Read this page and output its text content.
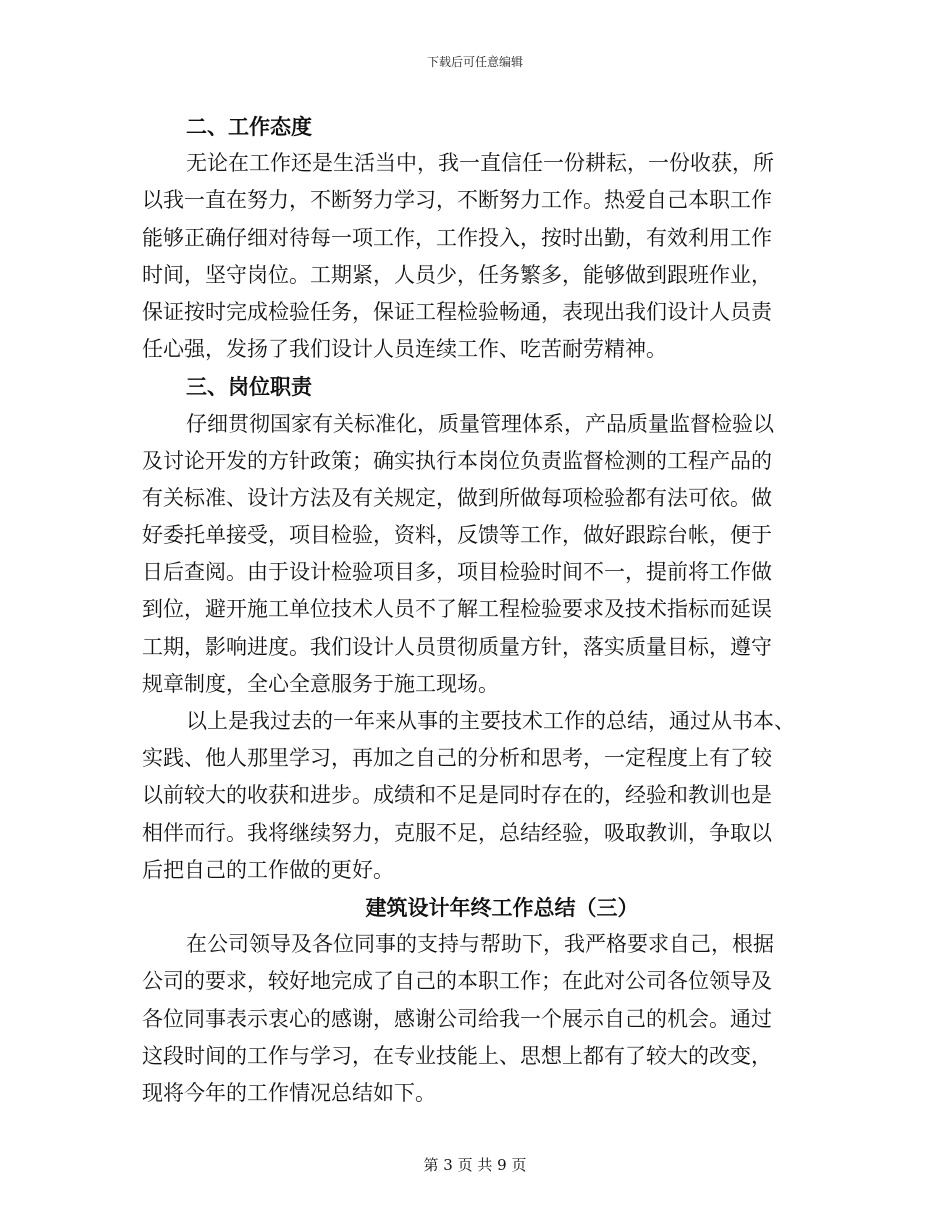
下载后可任意编辑
二、工作态度
无论在工作还是生活当中，我一直信任一份耕耘，一份收获，所
以我一直在努力，不断努力学习，不断努力工作。热爱自己本职工作
能够正确仔细对待每一项工作，工作投入，按时出勤，有效利用工作
时间，坚守岗位。工期紧，人员少，任务繁多，能够做到跟班作业，
保证按时完成检验任务，保证工程检验畅通，表现出我们设计人员责
任心强，发扬了我们设计人员连续工作、吃苦耐劳精神。
三、岗位职责
仔细贯彻国家有关标准化，质量管理体系，产品质量监督检验以
及讨论开发的方针政策；确实执行本岗位负责监督检测的工程产品的
有关标准、设计方法及有关规定，做到所做每项检验都有法可依。做
好委托单接受，项目检验，资料，反馈等工作，做好跟踪台帐，便于
日后查阅。由于设计检验项目多，项目检验时间不一，提前将工作做
到位，避开施工单位技术人员不了解工程检验要求及技术指标而延误
工期，影响进度。我们设计人员贯彻质量方针，落实质量目标，遵守
规章制度，全心全意服务于施工现场。
以上是我过去的一年来从事的主要技术工作的总结，通过从书本、
实践、他人那里学习，再加之自己的分析和思考，一定程度上有了较
以前较大的收获和进步。成绩和不足是同时存在的，经验和教训也是
相伴而行。我将继续努力，克服不足，总结经验，吸取教训，争取以
后把自己的工作做的更好。
建筑设计年终工作总结（三）
在公司领导及各位同事的支持与帮助下，我严格要求自己，根据
公司的要求，较好地完成了自己的本职工作；在此对公司各位领导及
各位同事表示衷心的感谢，感谢公司给我一个展示自己的机会。通过
这段时间的工作与学习，在专业技能上、思想上都有了较大的改变，
现将今年的工作情况总结如下。
第 3 页 共 9 页
